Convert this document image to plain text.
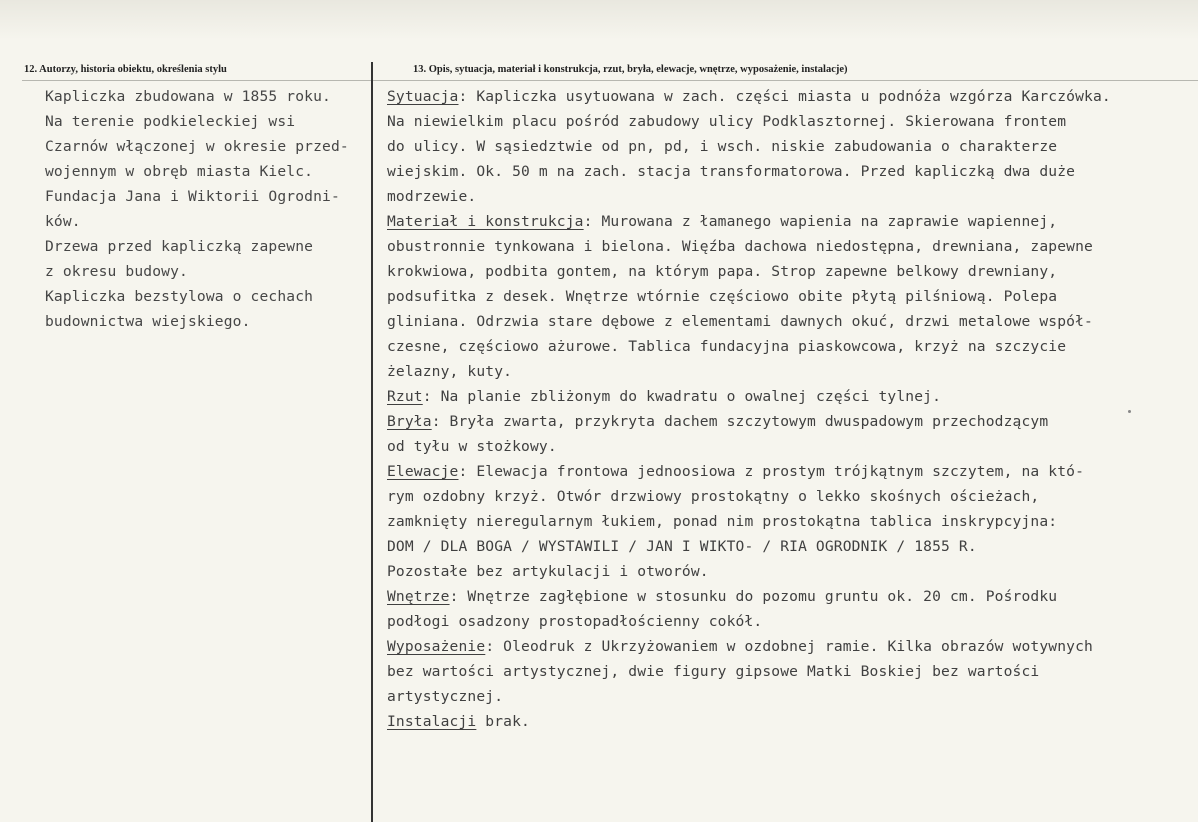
12. Autorzy, historia obiektu, określenia stylu	13. Opis, sytuacja, materiał i konstrukcja, rzut, bryła, elewacje, wnętrze, wyposażenie, instalacje)
Kapliczka zbudowana w 1855 roku.
Na terenie podkieleckiej wsi
Czarnów włączonej w okresie przed-
wojennym w obręb miasta Kielc.
Fundacja Jana i Wiktorii Ogrodni-
ków.
Drzewa przed kapliczką zapewne
z okresu budowy.
Kapliczka bezstylowa o cechach
budownictwa wiejskiego.
Sytuacja: Kapliczka usytuowana w zach. części miasta u podnóża wzgórza Karczówka.
Na niewielkim placu pośród zabudowy ulicy Podklasztornej. Skierowana frontem
do ulicy. W sąsiedztwie od pn, pd, i wsch. niskie zabudowania o charakterze
wiejskim. Ok. 50 m na zach. stacja transformatorowa. Przed kapliczką dwa duże
modrzewie.
Materiał i konstrukcja: Murowana z łamanego wapienia na zaprawie wapiennej,
obustronnie tynkowana i bielona. Więźba dachowa niedostępna, drewniana, zapewne
krokwiowa, podbita gontem, na którym papa. Strop zapewne belkowy drewniany,
podsufitka z desek. Wnętrze wtórnie częściowo obite płytą pilśniową. Polepa
gliniana. Odrzwia stare dębowe z elementami dawnych okuć, drzwi metalowe współ-
czesne, częściowo ażurowe. Tablica fundacyjna piaskowcowa, krzyż na szczycie
żelazny, kuty.
Rzut: Na planie zbliżonym do kwadratu o owalnej części tylnej.
Bryła: Bryła zwarta, przykryta dachem szczytowym dwuspadowym przechodzącym
od tyłu w stożkowy.
Elewacje: Elewacja frontowa jednoosiowa z prostym trójkątnym szczytem, na któ-
rym ozdobny krzyż. Otwór drzwiowy prostokątny o lekko skośnych ościeżach,
zamknięty nieregularnym łukiem, ponad nim prostokątna tablica inskrypcyjna:
DOM / DLA BOGA / WYSTAWILI / JAN I WIKTO- / RIA OGRODNIK / 1855 R.
Pozostałe bez artykulacji i otworów.
Wnętrze: Wnętrze zagłębione w stosunku do pozomu gruntu ok. 20 cm. Pośrodku
podłogi osadzony prostopadłościenny cokół.
Wyposażenie: Oleodruk z Ukrzyżowaniem w ozdobnej ramie. Kilka obrazów wotywnych
bez wartości artystycznej, dwie figury gipsowe Matki Boskiej bez wartości
artystycznej.
Instalacji brak.
